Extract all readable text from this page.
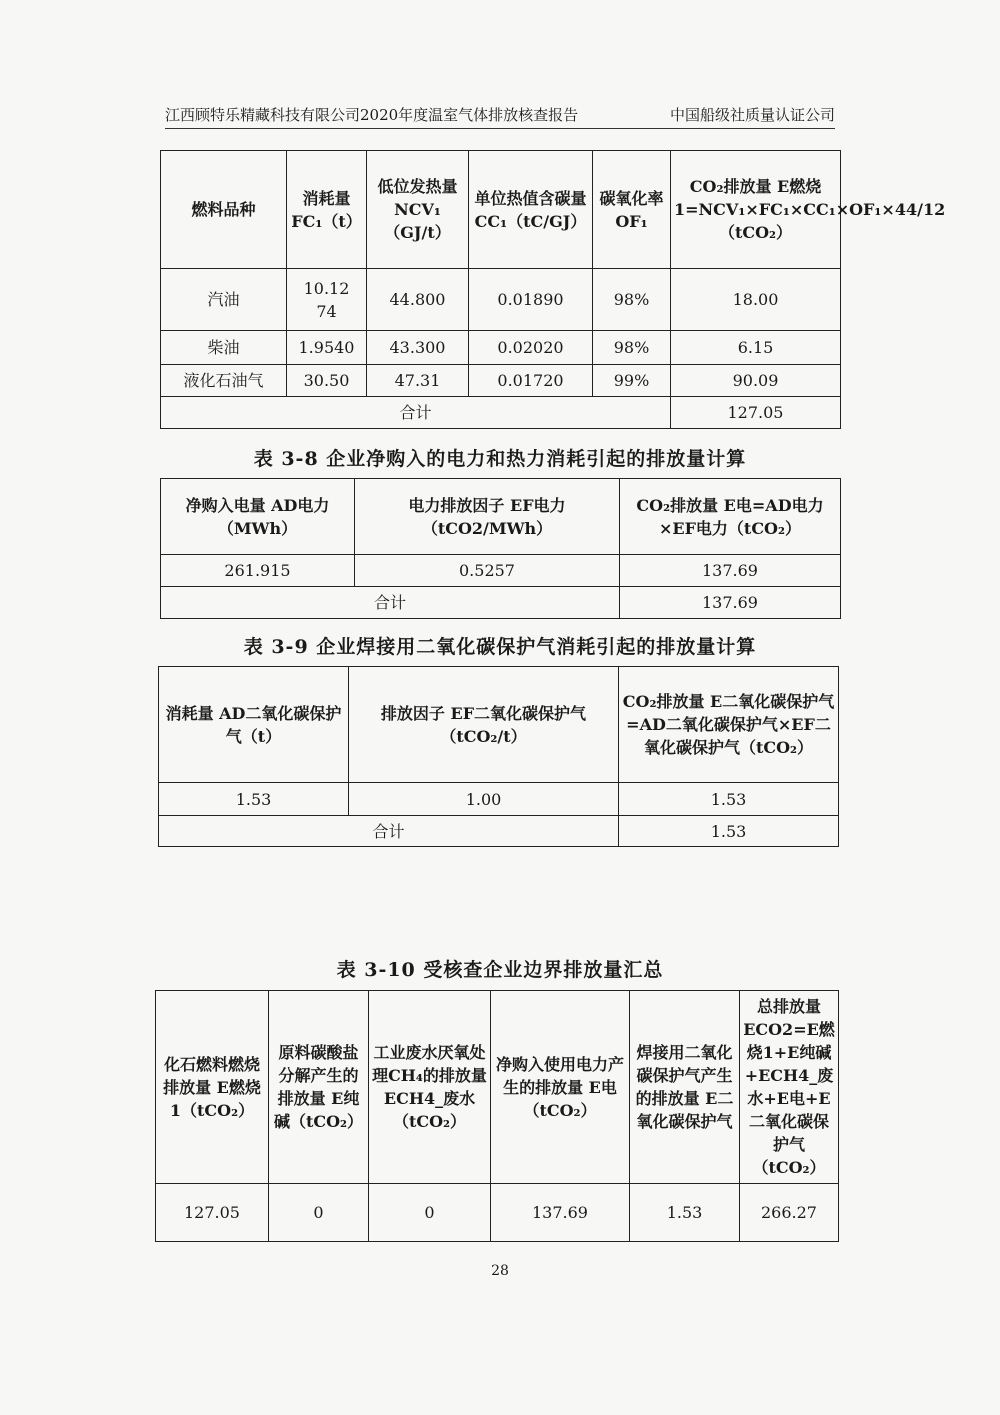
江西顾特乐精藏科技有限公司2020年度温室气体排放核查报告	中国船级社质量认证公司
燃料品种	消耗量FC₁（t）	低位发热量 NCV₁（GJ/t）	单位热值含碳量 CC₁（tC/GJ）	碳氧化率 OF₁	CO₂排放量 E燃烧1=NCV₁×FC₁×CC₁×OF₁×44/12（tCO₂）
汽油	10.1274	44.800	0.01890	98%	18.00
柴油	1.9540	43.300	0.02020	98%	6.15
液化石油气	30.50	47.31	0.01720	99%	90.09
合计					127.05
表 3-8 企业净购入的电力和热力消耗引起的排放量计算
净购入电量 AD电力（MWh）	电力排放因子 EF电力（tCO2/MWh）	CO₂排放量 E电=AD电力×EF电力（tCO₂）
261.915	0.5257	137.69
合计		137.69
表 3-9 企业焊接用二氧化碳保护气消耗引起的排放量计算
消耗量 AD二氧化碳保护气（t）	排放因子 EF二氧化碳保护气（tCO₂/t）	CO₂排放量 E二氧化碳保护气=AD二氧化碳保护气×EF二氧化碳保护气（tCO₂）
1.53	1.00	1.53
合计		1.53
表 3-10 受核查企业边界排放量汇总
化石燃料燃烧排放量 E燃烧1（tCO₂）	原料碳酸盐分解产生的排放量 E纯碱（tCO₂）	工业废水厌氧处理CH₄的排放量 ECH4_废水（tCO₂）	净购入使用电力产生的排放量 E电（tCO₂）	焊接用二氧化碳保护气产生的排放量 E二氧化碳保护气	总排放量 ECO2=E燃烧1+E纯碱+ECH4_废水+E电+E二氧化碳保护气（tCO₂）
127.05	0	0	137.69	1.53	266.27
28
